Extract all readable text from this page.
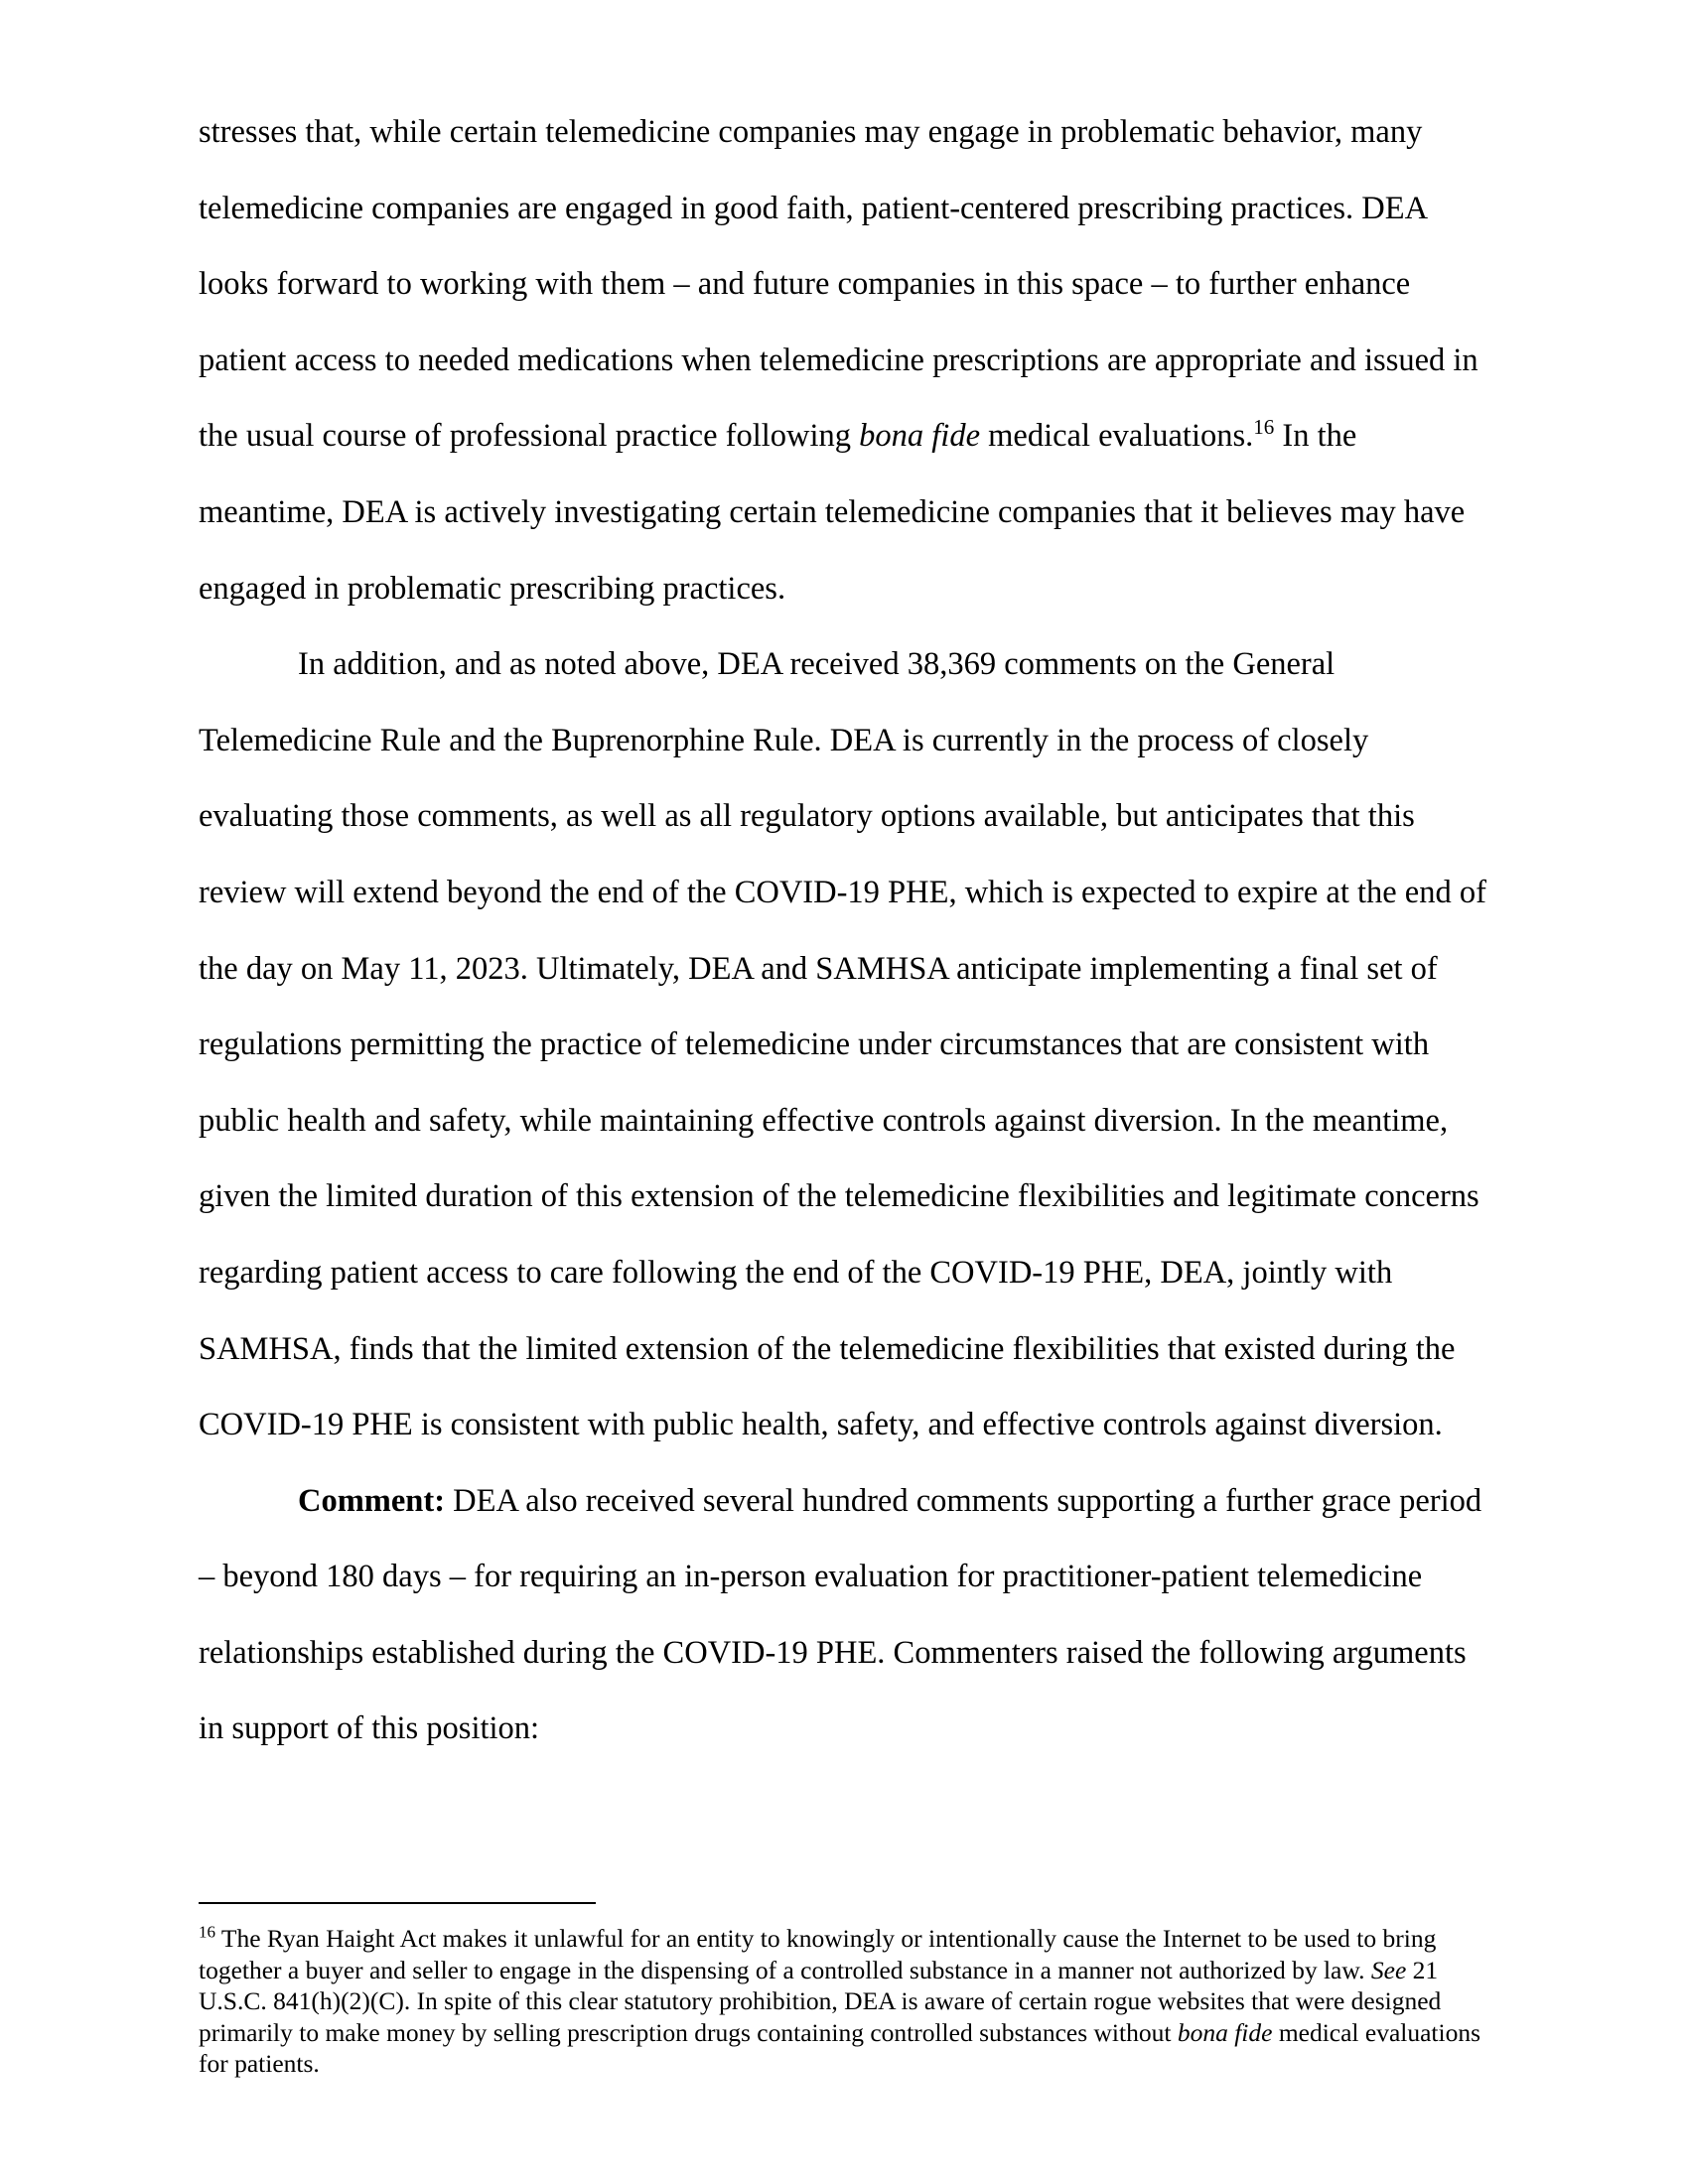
stresses that, while certain telemedicine companies may engage in problematic behavior, many telemedicine companies are engaged in good faith, patient-centered prescribing practices. DEA looks forward to working with them – and future companies in this space – to further enhance patient access to needed medications when telemedicine prescriptions are appropriate and issued in the usual course of professional practice following bona fide medical evaluations.$^{16}$ In the meantime, DEA is actively investigating certain telemedicine companies that it believes may have engaged in problematic prescribing practices.

In addition, and as noted above, DEA received 38,369 comments on the General Telemedicine Rule and the Buprenorphine Rule. DEA is currently in the process of closely evaluating those comments, as well as all regulatory options available, but anticipates that this review will extend beyond the end of the COVID-19 PHE, which is expected to expire at the end of the day on May 11, 2023. Ultimately, DEA and SAMHSA anticipate implementing a final set of regulations permitting the practice of telemedicine under circumstances that are consistent with public health and safety, while maintaining effective controls against diversion. In the meantime, given the limited duration of this extension of the telemedicine flexibilities and legitimate concerns regarding patient access to care following the end of the COVID-19 PHE, DEA, jointly with SAMHSA, finds that the limited extension of the telemedicine flexibilities that existed during the COVID-19 PHE is consistent with public health, safety, and effective controls against diversion.

Comment: DEA also received several hundred comments supporting a further grace period – beyond 180 days – for requiring an in-person evaluation for practitioner-patient telemedicine relationships established during the COVID-19 PHE. Commenters raised the following arguments in support of this position:

$^{16}$ The Ryan Haight Act makes it unlawful for an entity to knowingly or intentionally cause the Internet to be used to bring together a buyer and seller to engage in the dispensing of a controlled substance in a manner not authorized by law. See 21 U.S.C. 841(h)(2)(C). In spite of this clear statutory prohibition, DEA is aware of certain rogue websites that were designed primarily to make money by selling prescription drugs containing controlled substances without bona fide medical evaluations for patients.
